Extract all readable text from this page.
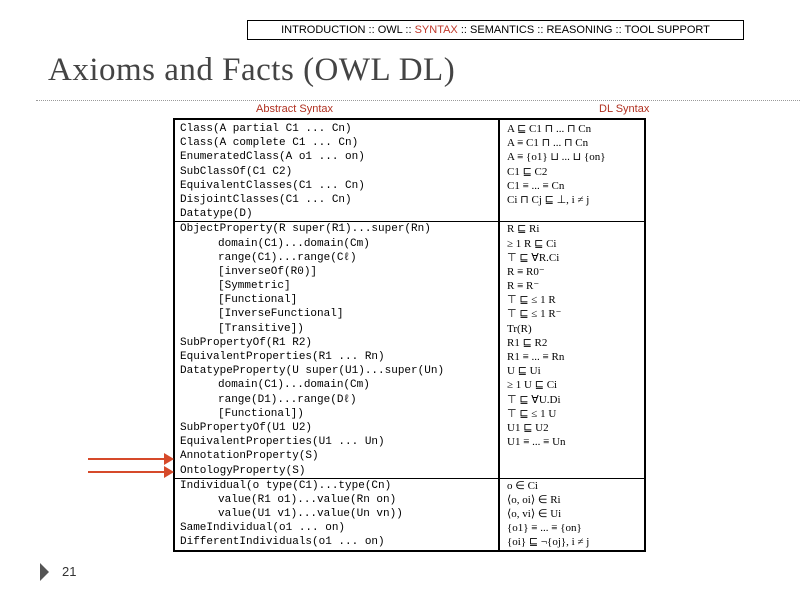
INTRODUCTION :: OWL :: SYNTAX :: SEMANTICS :: REASONING :: TOOL SUPPORT
Axioms and Facts (OWL DL)
Abstract Syntax	DL Syntax
Class(A partial C1 ... Cn)
Class(A complete C1 ... Cn)
EnumeratedClass(A o1 ... on)
SubClassOf(C1 C2)
EquivalentClasses(C1 ... Cn)
DisjointClasses(C1 ... Cn)
Datatype(D)
ObjectProperty(R super(R1)...super(Rn)
domain(C1)...domain(Cm)
range(C1)...range(Cℓ)
[inverseOf(R0)]
[Symmetric]
[Functional]
[InverseFunctional]
[Transitive])
SubPropertyOf(R1 R2)
EquivalentProperties(R1 ... Rn)
DatatypeProperty(U super(U1)...super(Un)
domain(C1)...domain(Cm)
range(D1)...range(Dℓ)
[Functional])
SubPropertyOf(U1 U2)
EquivalentProperties(U1 ... Un)
AnnotationProperty(S)
OntologyProperty(S)
Individual(o type(C1)...type(Cn)
value(R1 o1)...value(Rn on)
value(U1 v1)...value(Un vn))
SameIndividual(o1 ... on)
DifferentIndividuals(o1 ... on)
A ⊑ C1 ⊓ ... ⊓ Cn
A ≡ C1 ⊓ ... ⊓ Cn
A ≡ {o1} ⊔ ... ⊔ {on}
C1 ⊑ C2
C1 ≡ ... ≡ Cn
Ci ⊓ Cj ⊑ ⊥, i ≠ j
R ⊑ Ri
≥ 1 R ⊑ Ci
⊤ ⊑ ∀R.Ci
R ≡ R0⁻
R ≡ R⁻
⊤ ⊑ ≤ 1 R
⊤ ⊑ ≤ 1 R⁻
Tr(R)
R1 ⊑ R2
R1 ≡ ... ≡ Rn
U ⊑ Ui
≥ 1 U ⊑ Ci
⊤ ⊑ ∀U.Di
⊤ ⊑ ≤ 1 U
U1 ⊑ U2
U1 ≡ ... ≡ Un
o ∈ Ci
⟨o, oi⟩ ∈ Ri
⟨o, vi⟩ ∈ Ui
{o1} ≡ ... ≡ {on}
{oi} ⊑ ¬{oj}, i ≠ j
21
